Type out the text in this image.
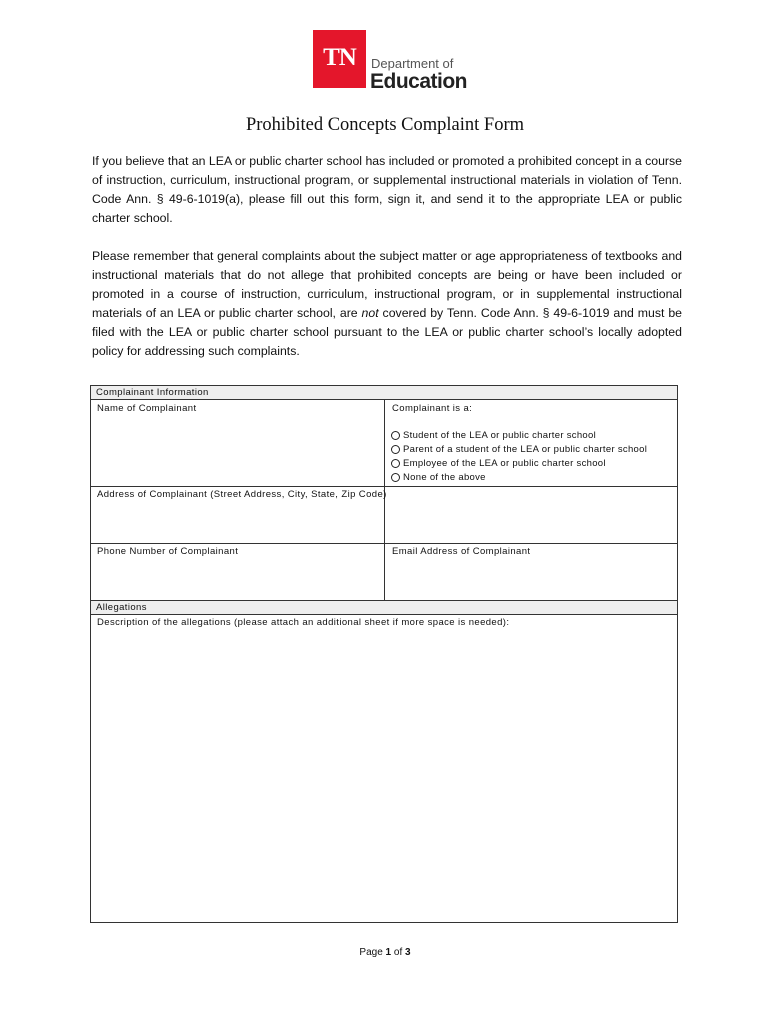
TN	Department of
Education
Prohibited Concepts Complaint Form
If you believe that an LEA or public charter school has included or promoted a prohibited concept in a course of instruction, curriculum, instructional program, or supplemental instructional materials in violation of Tenn. Code Ann. § 49-6-1019(a), please fill out this form, sign it, and send it to the appropriate LEA or public charter school.
Please remember that general complaints about the subject matter or age appropriateness of textbooks and instructional materials that do not allege that prohibited concepts are being or have been included or promoted in a course of instruction, curriculum, instructional program, or in supplemental instructional materials of an LEA or public charter school, are not covered by Tenn. Code Ann. § 49-6-1019 and must be filed with the LEA or public charter school pursuant to the LEA or public charter school’s locally adopted policy for addressing such complaints.
Complainant Information
Name of Complainant	Complainant is a:
Student of the LEA or public charter school
Parent of a student of the LEA or public charter school
Employee of the LEA or public charter school
None of the above
Address of Complainant (Street Address, City, State, Zip Code)
Phone Number of Complainant	Email Address of Complainant
Allegations
Description of the allegations (please attach an additional sheet if more space is needed):
Page 1 of 3
